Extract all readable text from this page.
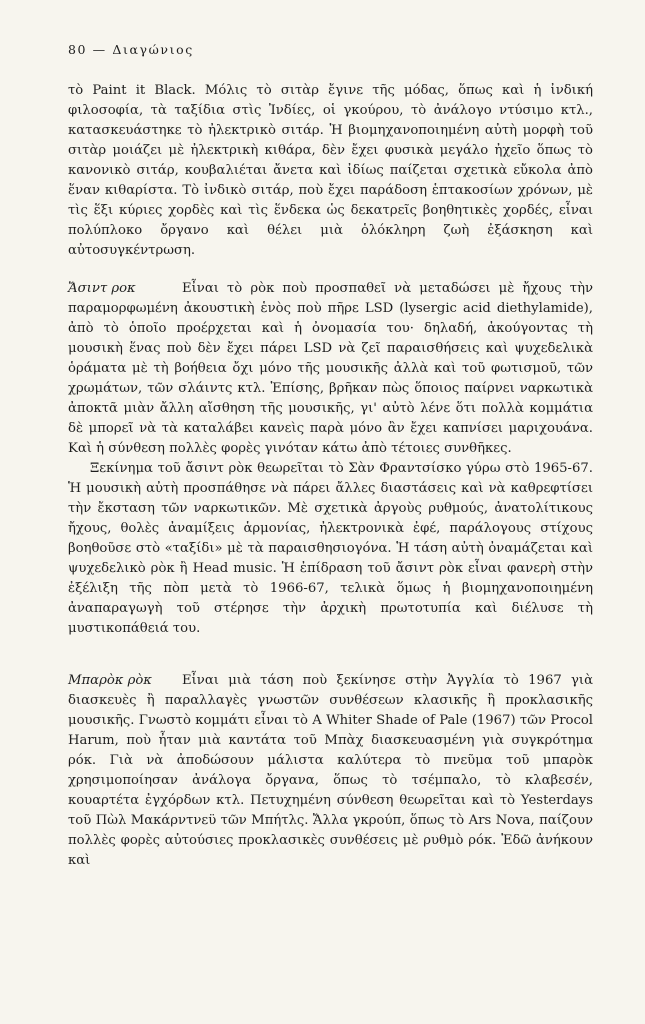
80 — Διαγώνιος

τὸ Paint it Black. Μόλις τὸ σιτὰρ ἔγινε τῆς μόδας, ὅπως καὶ ἡ ἰνδική φιλοσοφία, τὰ ταξίδια στὶς Ἰνδίες, οἱ γκούρου, τὸ ἀνάλογο ντύσιμο κτλ., κατασκευάστηκε τὸ ἠλεκτρικὸ σιτάρ. Ἡ βιομηχανοποιημένη αὐτὴ μορφὴ τοῦ σιτὰρ μοιάζει μὲ ἠλεκτρικὴ κιθάρα, δὲν ἔχει φυσικὰ μεγάλο ἠχεῖο ὅπως τὸ κανονικὸ σιτάρ, κουβαλιέται ἄνετα καὶ ἰδίως παίζεται σχετικὰ εὔκολα ἀπὸ ἕναν κιθαρίστα. Τὸ ἰνδικὸ σιτάρ, ποὺ ἔχει παράδοση ἑπτακοσίων χρόνων, μὲ τὶς ἕξι κύριες χορδὲς καὶ τὶς ἕνδεκα ὡς δεκατρεῖς βοηθητικὲς χορδές, εἶναι πολύπλοκο ὄργανο καὶ θέλει μιὰ ὁλόκληρη ζωὴ ἐξάσκηση καὶ αὐτοσυγκέντρωση.

Ἄσιντ ροκ	Εἶναι τὸ ρὸκ ποὺ προσπαθεῖ νὰ μεταδώσει μὲ ἤχους τὴν παραμορφωμένη ἀκουστικὴ ἑνὸς ποὺ πῆρε LSD (lysergic acid diethylamide), ἀπὸ τὸ ὁποῖο προέρχεται καὶ ἡ ὀνομασία του· δηλαδή, ἀκούγοντας τὴ μουσικὴ ἕνας ποὺ δὲν ἔχει πάρει LSD νὰ ζεῖ παραισθήσεις καὶ ψυχεδελικὰ ὁράματα μὲ τὴ βοήθεια ὄχι μόνο τῆς μουσικῆς ἀλλὰ καὶ τοῦ φωτισμοῦ, τῶν χρωμάτων, τῶν σλάιντς κτλ. Ἐπίσης, βρῆκαν πὼς ὅποιος παίρνει ναρκωτικὰ ἀποκτᾶ μιὰν ἄλλη αἴσθηση τῆς μουσικῆς, γι' αὐτὸ λένε ὅτι πολλὰ κομμάτια δὲ μπορεῖ νὰ τὰ καταλάβει κανεὶς παρὰ μόνο ἂν ἔχει καπνίσει μαριχουάνα. Καὶ ἡ σύνθεση πολλὲς φορὲς γινόταν κάτω ἀπὸ τέτοιες συνθῆκες.

Ξεκίνημα τοῦ ἄσιντ ρὸκ θεωρεῖται τὸ Σὰν Φραντσίσκο γύρω στὸ 1965-67. Ἡ μουσικὴ αὐτὴ προσπάθησε νὰ πάρει ἄλλες διαστάσεις καὶ νὰ καθρεφτίσει τὴν ἔκσταση τῶν ναρκωτικῶν. Μὲ σχετικὰ ἀργοὺς ρυθμούς, ἀνατολίτικους ἤχους, θολὲς ἀναμίξεις ἁρμονίας, ἠλεκτρονικὰ ἐφέ, παράλογους στίχους βοηθοῦσε στὸ «ταξίδι» μὲ τὰ παραισθησιογόνα. Ἡ τάση αὐτὴ ὀναμάζεται καὶ ψυχεδελικὸ ρὸκ ἢ Head music. Ἡ ἐπίδραση τοῦ ἄσιντ ρὸκ εἶναι φανερὴ στὴν ἐξέλιξη τῆς πὸπ μετὰ τὸ 1966-67, τελικὰ ὅμως ἡ βιομηχανοποιημένη ἀναπαραγωγὴ τοῦ στέρησε τὴν ἀρχικὴ πρωτοτυπία καὶ διέλυσε τὴ μυστικοπάθειά του.

Μπαρὸκ ρὸκ Εἶναι μιὰ τάση ποὺ ξεκίνησε στὴν Ἀγγλία τὸ 1967 γιὰ διασκευὲς ἢ παραλλαγὲς γνωστῶν συνθέσεων κλασικῆς ἢ προκλασικῆς μουσικῆς. Γνωστὸ κομμάτι εἶναι τὸ A Whiter Shade of Pale (1967) τῶν Procol Harum, ποὺ ἦταν μιὰ καντάτα τοῦ Μπὰχ διασκευασμένη γιὰ συγκρότημα ρόκ. Γιὰ νὰ ἀποδώσουν μάλιστα καλύτερα τὸ πνεῦμα τοῦ μπαρὸκ χρησιμοποίησαν ἀνάλογα ὄργανα, ὅπως τὸ τσέμπαλο, τὸ κλαβεσέν, κουαρτέτα ἐγχόρδων κτλ. Πετυχημένη σύνθεση θεωρεῖται καὶ τὸ Yesterdays τοῦ Πὼλ Μακάρντνεϋ τῶν Μπήτλς. Ἄλλα γκρούπ, ὅπως τὸ Ars Nova, παίζουν πολλὲς φορὲς αὐτούσιες προκλασικὲς συνθέσεις μὲ ρυθμὸ ρόκ. Ἐδῶ ἀνήκουν καὶ
